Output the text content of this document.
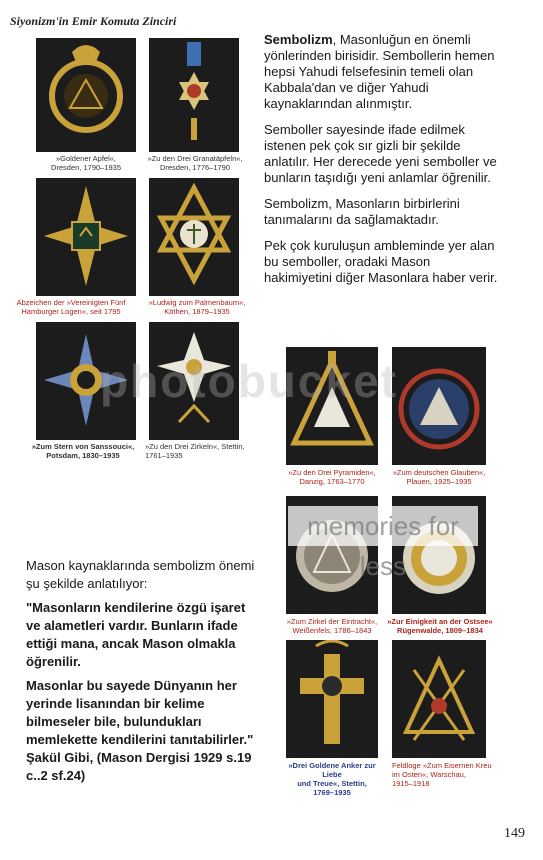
Siyonizm'in Emir Komuta Zinciri
»Goldener Apfel«,
Dresden, 1790–1935
»Zu den Drei Granatäpfeln«,
Dresden, 1776–1790
Abzeichen der »Vereinigten Fünf
Hamburger Logen«, seit 1795
»Ludwig zum Palmenbaum«,
Köthen, 1879–1935
»Zum Stern von Sanssouci«,
Potsdam, 1830–1935
»Zu den Drei Zirkeln«, Stettin,
1761–1935

Sembolizm, Masonluğun en önemli yönlerinden birisidir. Sembollerin hemen hepsi Yahudi felsefesinin temeli olan Kabbala'dan ve diğer Yahudi kaynaklarından alınmıştır.

Semboller sayesinde ifade edilmek istenen pek çok sır gizli bir şekilde anlatılır. Her derecede yeni semboller ve bunların taşıdığı yeni anlamlar öğrenilir.

Sembolizm, Masonların birbirlerini tanımalarını da sağlamaktadır.

Pek çok kuruluşun ambleminde yer alan bu semboller, oradaki Mason hakimiyetini diğer Masonlara haber verir.

»Zu den Drei Pyramiden«,
Danzig, 1763–1770
»Zum deutschen Glauben«,
Plauen, 1925–1935
»Zum Zirkel der Eintracht«,
Weißenfels, 1786–1843
»Zur Einigkeit an der Ostsee«
Rügenwalde, 1809–1834
»Drei Goldene Anker zur Liebe
und Treue«, Stettin,
1769–1935
Feldloge »Zum Eisernen Kreu
im Osten«, Warschau,
1915–1918
photobucket
memories for less

Mason kaynaklarında sembolizm önemi şu şekilde anlatılıyor:

"Masonların kendilerine özgü işaret ve alametleri vardır. Bunların ifade ettiği mana, ancak Mason olmakla öğrenilir.

Masonlar bu sayede Dünyanın her yerinde lisanından bir kelime bilmeseler bile, bulundukları memlekette kendilerini tanıtabilirler." Şakül Gibi, (Mason Dergisi 1929 s.19 c..2 sf.24)

149
